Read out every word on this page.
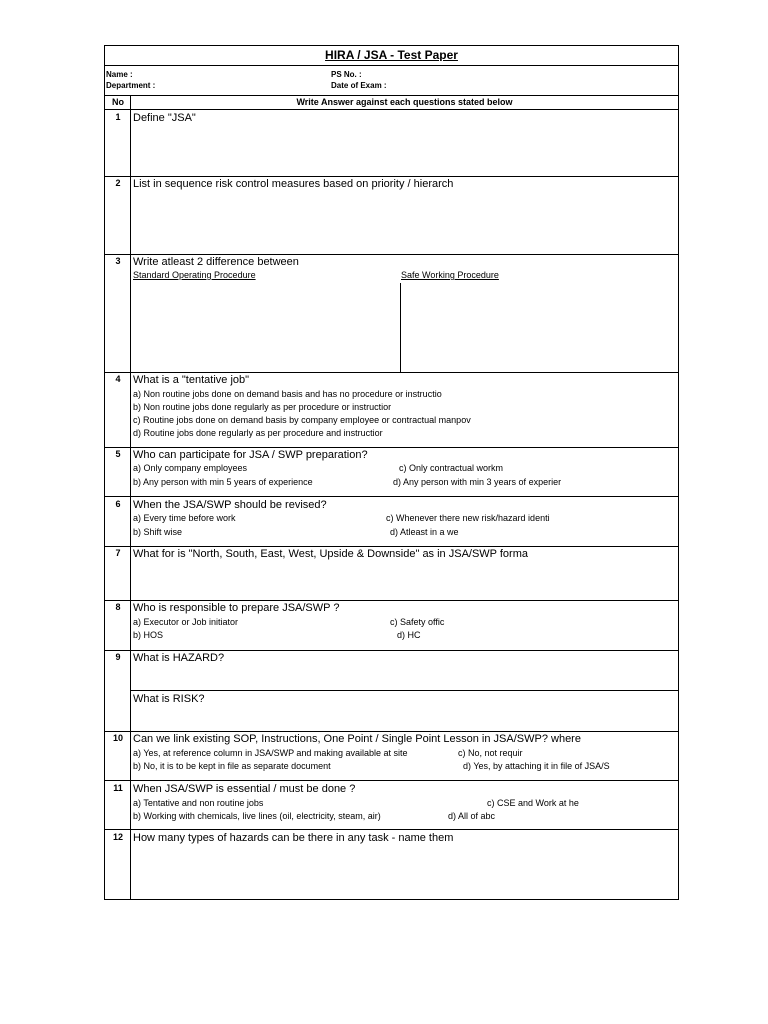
HIRA / JSA - Test Paper
Name :
Department :
PS No. :
Date of Exam :
No	Write Answer against each questions stated below
1	Define "JSA"
2	List in sequence risk control measures based on priority / hierarch
3	Write atleast 2 difference between
Standard Operating Procedure	Safe Working Procedure
4	What is a "tentative job"
a) Non routine jobs done on demand basis and has no procedure or instructio
b) Non routine jobs done regularly as per procedure or instructior
c) Routine jobs done on demand basis by company employee or contractual manpov
d) Routine jobs done regularly as per procedure and instructior
5	Who can participate for JSA / SWP preparation?
a) Only company employees	c) Only contractual workm
b) Any person with min 5 years of experience	d) Any person with min 3 years of experier
6	When the JSA/SWP should be revised?
a) Every time before work	c) Whenever there new risk/hazard identi
b) Shift wise	d) Atleast in a we
7	What for is "North, South, East, West, Upside & Downside" as in JSA/SWP forma
8	Who is responsible to prepare JSA/SWP ?
a) Executor or Job initiator	c) Safety offic
b) HOS	d) HC
9	What is HAZARD?
What is RISK?
10 Can we link existing SOP, Instructions, One Point / Single Point Lesson in JSA/SWP? where
a) Yes, at reference column in JSA/SWP and making available at site	c) No, not requir
b) No, it is to be kept in file as separate document	d) Yes, by attaching it in file of JSA/S
11 When JSA/SWP is essential / must be done ?
a) Tentative and non routine jobs	c) CSE and Work at he
b) Working with chemicals, live lines (oil, electricity, steam, air)	d) All of abc
12 How many types of hazards can be there in any task - name them
